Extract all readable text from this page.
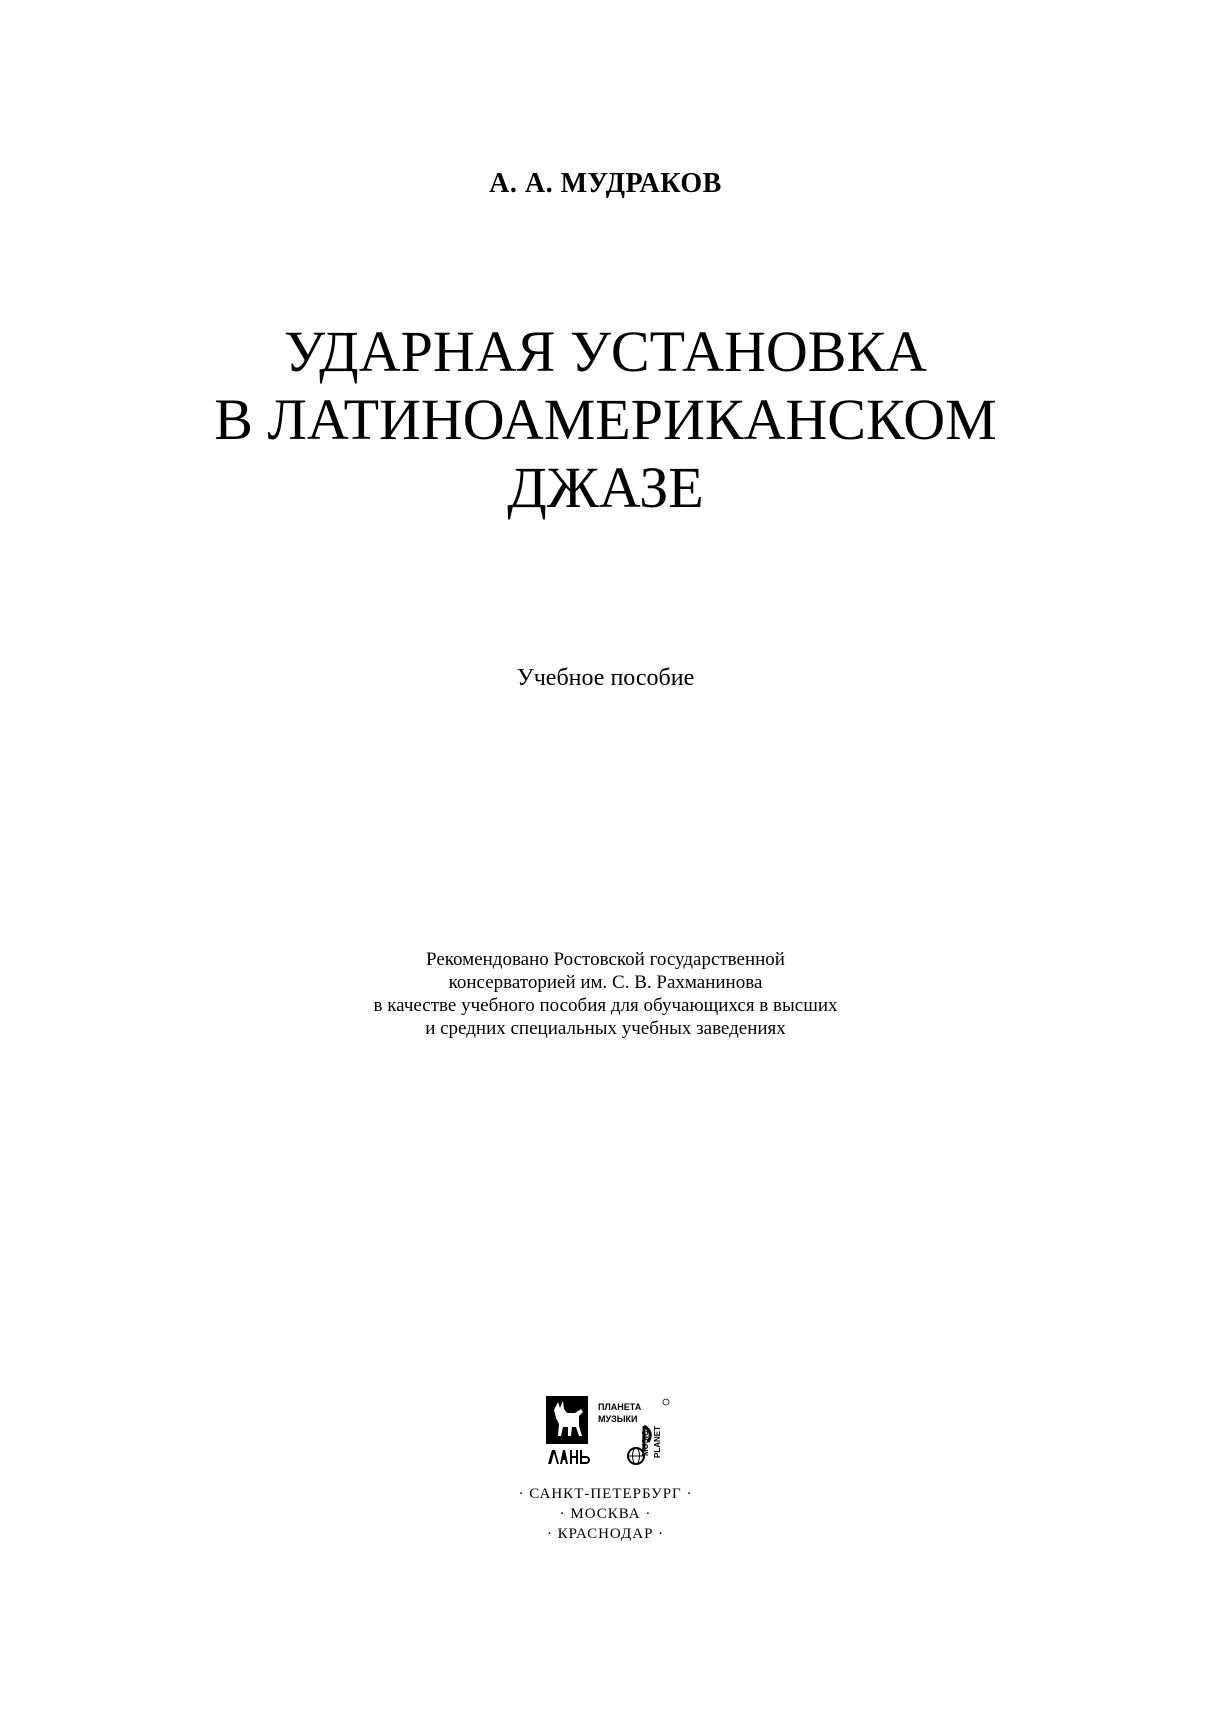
А. А. МУДРАКОВ
УДАРНАЯ УСТАНОВКА
В ЛАТИНОАМЕРИКАНСКОМ
ДЖАЗЕ
Учебное пособие
Рекомендовано Ростовской государственной
консерваторией им. С. В. Рахманинова
в качестве учебного пособия для обучающихся в высших
и средних специальных учебных заведениях
ПЛАНЕТА
МУЗЫКИ
MUSIC PLANET
· САНКТ-ПЕТЕРБУРГ ·
· МОСКВА ·
· КРАСНОДАР ·
